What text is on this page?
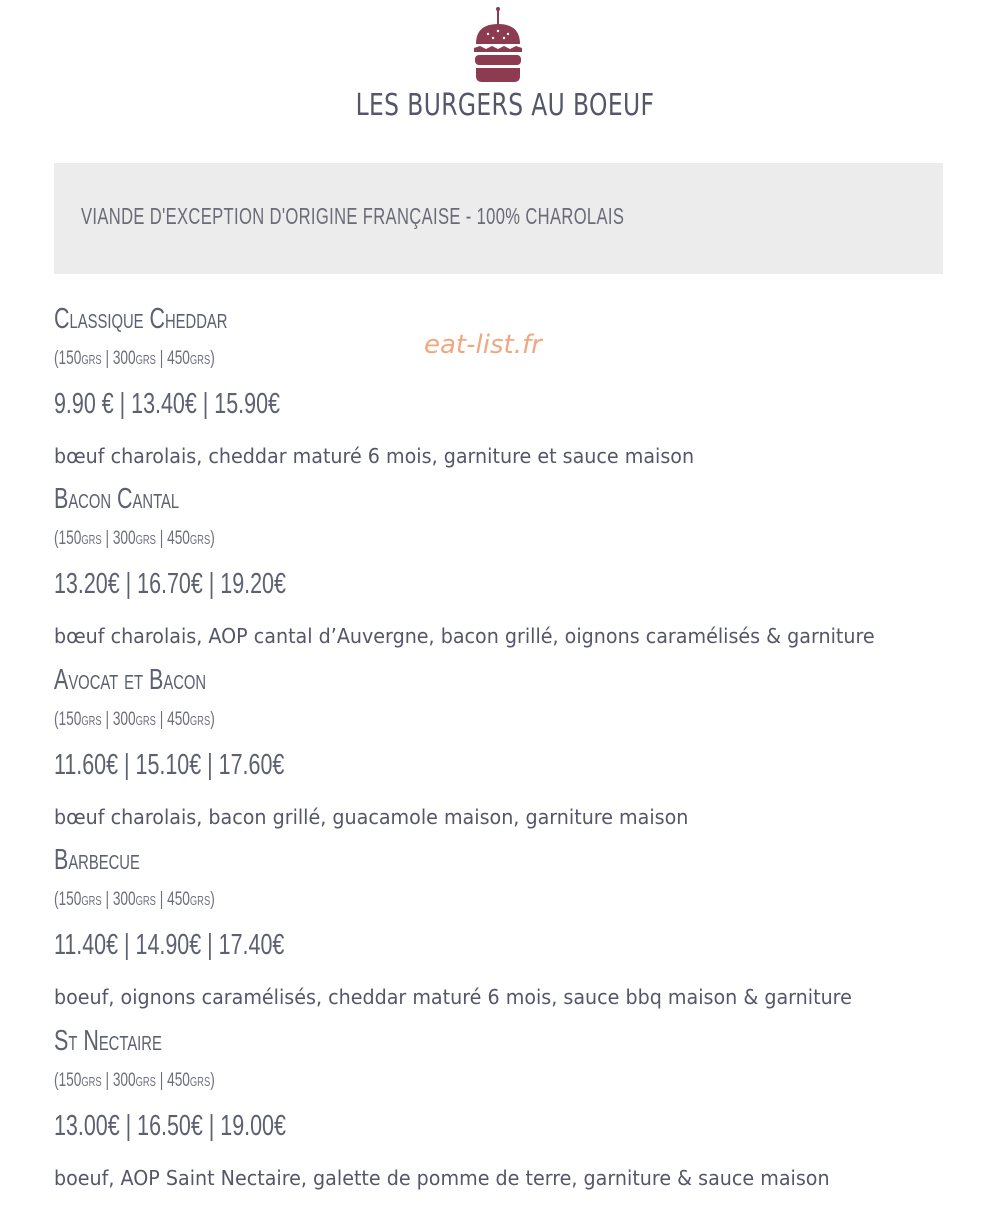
LES BURGERS AU BOEUF
VIANDE D'EXCEPTION D'ORIGINE FRANÇAISE - 100% CHAROLAIS
eat-list.fr
Classique Cheddar
(150grs | 300grs | 450grs)
9.90 € | 13.40€ | 15.90€
bœuf charolais, cheddar maturé 6 mois, garniture et sauce maison
Bacon Cantal
(150grs | 300grs | 450grs)
13.20€ | 16.70€ | 19.20€
bœuf charolais, AOP cantal d’Auvergne, bacon grillé, oignons caramélisés & garniture
Avocat et Bacon
(150grs | 300grs | 450grs)
11.60€ | 15.10€ | 17.60€
bœuf charolais, bacon grillé, guacamole maison, garniture maison
Barbecue
(150grs | 300grs | 450grs)
11.40€ | 14.90€ | 17.40€
boeuf, oignons caramélisés, cheddar maturé 6 mois, sauce bbq maison & garniture
St Nectaire
(150grs | 300grs | 450grs)
13.00€ | 16.50€ | 19.00€
boeuf, AOP Saint Nectaire, galette de pomme de terre, garniture & sauce maison
